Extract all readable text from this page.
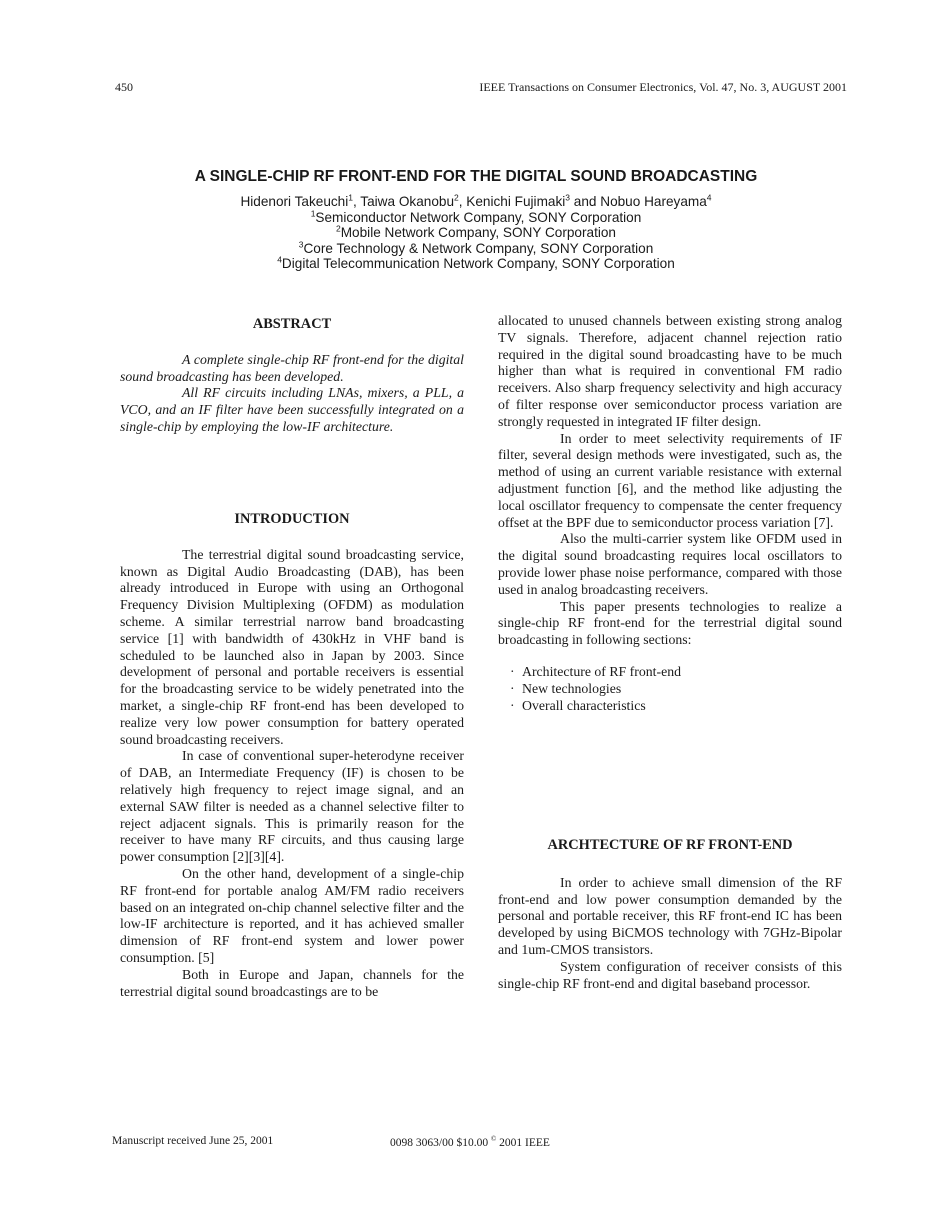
450	IEEE Transactions on Consumer Electronics, Vol. 47, No. 3, AUGUST 2001
A SINGLE-CHIP RF FRONT-END FOR THE DIGITAL SOUND BROADCASTING
Hidenori Takeuchi$^1$, Taiwa Okanobu$^2$, Kenichi Fujimaki$^3$ and Nobuo Hareyama$^4$
$^1$Semiconductor Network Company, SONY Corporation
$^2$Mobile Network Company, SONY Corporation
$^3$Core Technology & Network Company, SONY Corporation
$^4$Digital Telecommunication Network Company, SONY Corporation
ABSTRACT

A complete single-chip RF front-end for the digital sound broadcasting has been developed.

All RF circuits including LNAs, mixers, a PLL, a VCO, and an IF filter have been successfully integrated on a single-chip by employing the low-IF architecture.

INTRODUCTION

The terrestrial digital sound broadcasting service, known as Digital Audio Broadcasting (DAB), has been already introduced in Europe with using an Orthogonal Frequency Division Multiplexing (OFDM) as modulation scheme. A similar terrestrial narrow band broadcasting service [1] with bandwidth of 430kHz in VHF band is scheduled to be launched also in Japan by 2003. Since development of personal and portable receivers is essential for the broadcasting service to be widely penetrated into the market, a single-chip RF front-end has been developed to realize very low power consumption for battery operated sound broadcasting receivers.

In case of conventional super-heterodyne receiver of DAB, an Intermediate Frequency (IF) is chosen to be relatively high frequency to reject image signal, and an external SAW filter is needed as a channel selective filter to reject adjacent signals. This is primarily reason for the receiver to have many RF circuits, and thus causing large power consumption [2][3][4].

On the other hand, development of a single-chip RF front-end for portable analog AM/FM radio receivers based on an integrated on-chip channel selective filter and the low-IF architecture is reported, and it has achieved smaller dimension of RF front-end system and lower power consumption. [5]

Both in Europe and Japan, channels for the terrestrial digital sound broadcastings are to be

allocated to unused channels between existing strong analog TV signals. Therefore, adjacent channel rejection ratio required in the digital sound broadcasting have to be much higher than what is required in conventional FM radio receivers. Also sharp frequency selectivity and high accuracy of filter response over semiconductor process variation are strongly requested in integrated IF filter design.

In order to meet selectivity requirements of IF filter, several design methods were investigated, such as, the method of using an current variable resistance with external adjustment function [6], and the method like adjusting the local oscillator frequency to compensate the center frequency offset at the BPF due to semiconductor process variation [7].

Also the multi-carrier system like OFDM used in the digital sound broadcasting requires local oscillators to provide lower phase noise performance, compared with those used in analog broadcasting receivers.

This paper presents technologies to realize a single-chip RF front-end for the terrestrial digital sound broadcasting in following sections:

· Architecture of RF front-end
· New technologies
· Overall characteristics
ARCHTECTURE OF RF FRONT-END

In order to achieve small dimension of the RF front-end and low power consumption demanded by the personal and portable receiver, this RF front-end IC has been developed by using BiCMOS technology with 7GHz-Bipolar and 1um-CMOS transistors.

System configuration of receiver consists of this single-chip RF front-end and digital baseband processor.

Manuscript received June 25, 2001	0098 3063/00 $10.00 © 2001 IEEE
